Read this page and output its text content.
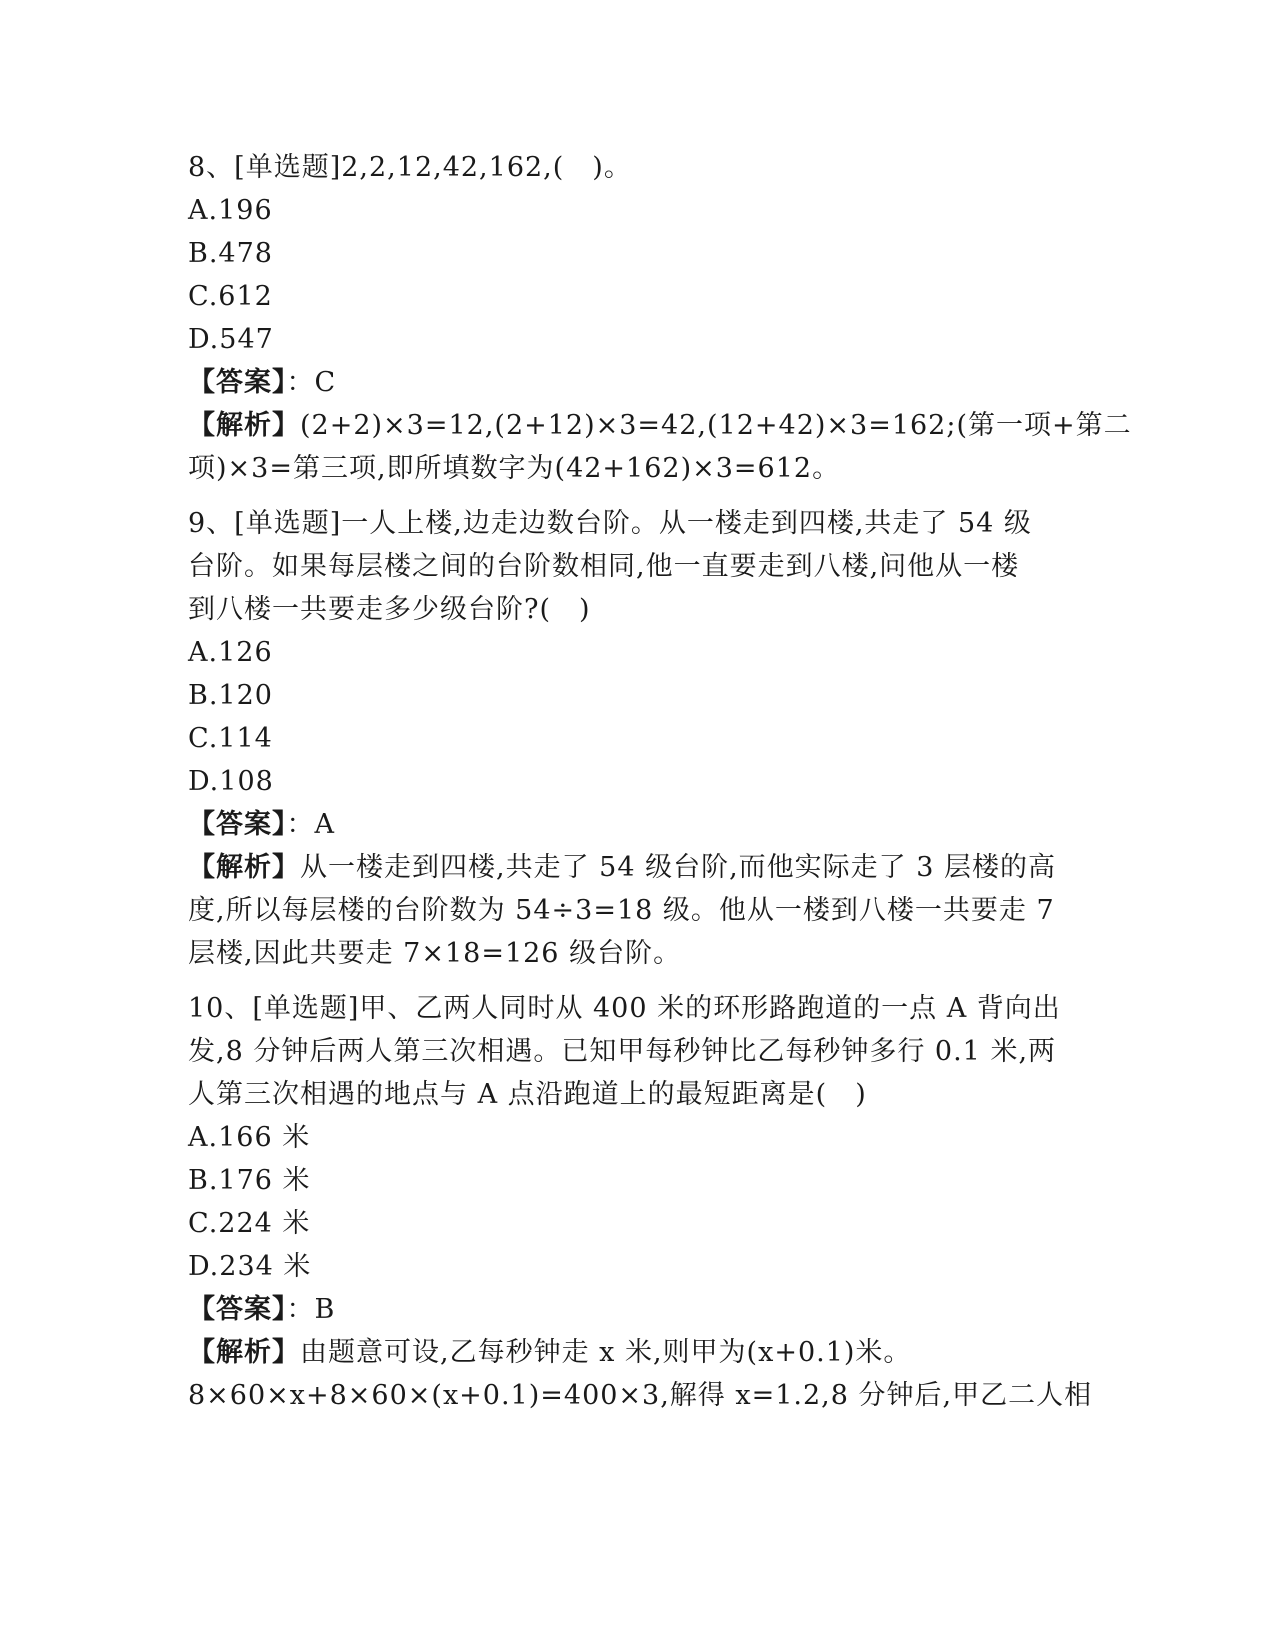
8、[单选题]2,2,12,42,162,(　)。
A.196
B.478
C.612
D.547
【答案】：C
【解析】(2+2)×3=12,(2+12)×3=42,(12+42)×3=162;(第一项+第二
项)×3=第三项,即所填数字为(42+162)×3=612。
9、[单选题]一人上楼,边走边数台阶。从一楼走到四楼,共走了 54 级
台阶。如果每层楼之间的台阶数相同,他一直要走到八楼,问他从一楼
到八楼一共要走多少级台阶?(　)
A.126
B.120
C.114
D.108
【答案】：A
【解析】从一楼走到四楼,共走了 54 级台阶,而他实际走了 3 层楼的高
度,所以每层楼的台阶数为 54÷3=18 级。他从一楼到八楼一共要走 7
层楼,因此共要走 7×18=126 级台阶。
10、[单选题]甲、乙两人同时从 400 米的环形路跑道的一点 A 背向出
发,8 分钟后两人第三次相遇。已知甲每秒钟比乙每秒钟多行 0.1 米,两
人第三次相遇的地点与 A 点沿跑道上的最短距离是(　)
A.166 米
B.176 米
C.224 米
D.234 米
【答案】：B
【解析】由题意可设,乙每秒钟走 x 米,则甲为(x+0.1)米。
8×60×x+8×60×(x+0.1)=400×3,解得 x=1.2,8 分钟后,甲乙二人相
